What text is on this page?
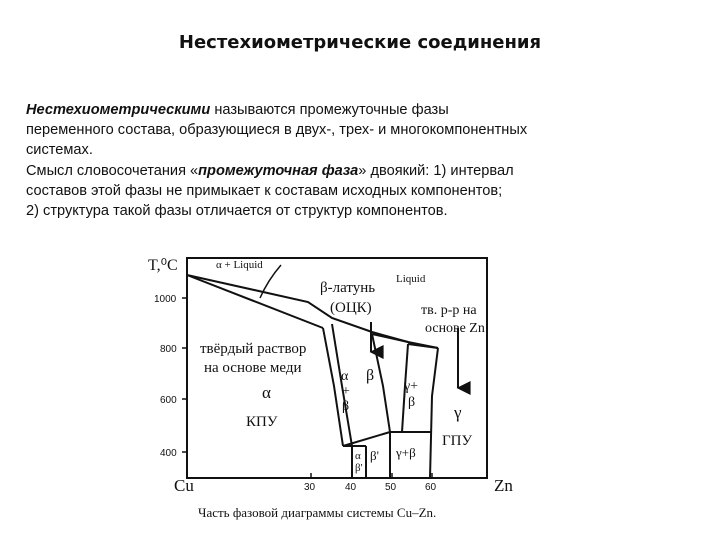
Нестехиометрические соединения

Нестехиометрическими называются промежуточные фазы

переменного состава, образующиеся в двух-, трех- и многокомпонентных

системах.

Смысл словосочетания «промежуточная фаза» двоякий: 1) интервал

составов этой фазы не примыкает к составам исходных компонентов;

2) структура такой фазы отличается от структур компонентов.

T,⁰C
1000
800
600
400
30	40	50	60
Cu	Zn
Часть фазовой диаграммы системы Cu–Zn.
α + Liquid
Liquid
β-латунь
(ОЦК)	тв. р-р на
основе Zn
твёрдый раствор
на основе меди
α
КПУ
α
+
β
β
γ+
β
γ
ГПУ
α
β'
β' γ+β
